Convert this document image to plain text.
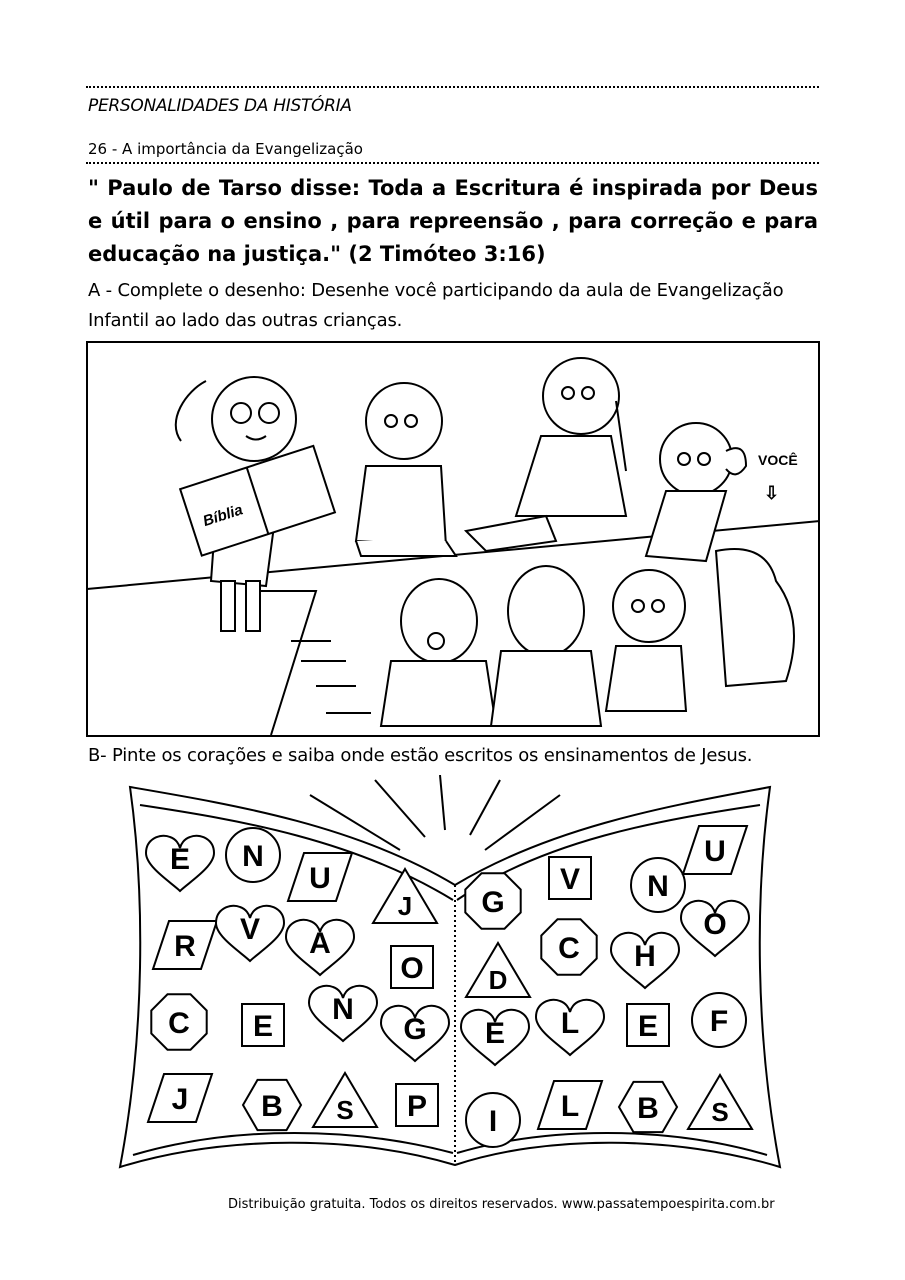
PERSONALIDADES DA HISTÓRIA
26 - A importância da Evangelização
" Paulo de Tarso disse: Toda a Escritura é inspirada por Deus e útil para o ensino , para repreensão , para correção e para educação na justiça." (2 Timóteo 3:16)
A - Complete o desenho: Desenhe você participando da aula de Evangelização Infantil ao lado das outras crianças.
Bíblia
VOCÊ
⇩
B- Pinte os corações e saiba onde estão escritos os ensinamentos de Jesus.
E N
U
J
R
V A
O
C E
N
G
J B S P
G
V N
U
D
C H
O
E L E F
I L B S
Distribuição gratuita. Todos os direitos reservados. www.passatempoespirita.com.br
